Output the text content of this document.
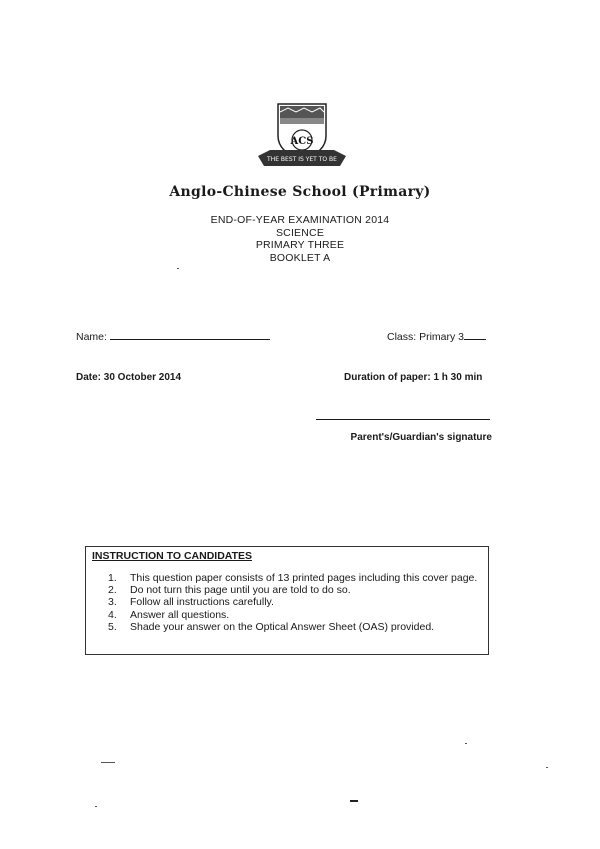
ACS
THE BEST IS YET TO BE
Anglo-Chinese School (Primary)
END-OF-YEAR EXAMINATION 2014
SCIENCE
PRIMARY THREE
BOOKLET A
Name:	Class: Primary 3
Date: 30 October 2014	Duration of paper: 1 h 30 min
Parent's/Guardian's signature
INSTRUCTION TO CANDIDATES
1. This question paper consists of 13 printed pages including this cover page.
2. Do not turn this page until you are told to do so.
3. Follow all instructions carefully.
4. Answer all questions.
5. Shade your answer on the Optical Answer Sheet (OAS) provided.
